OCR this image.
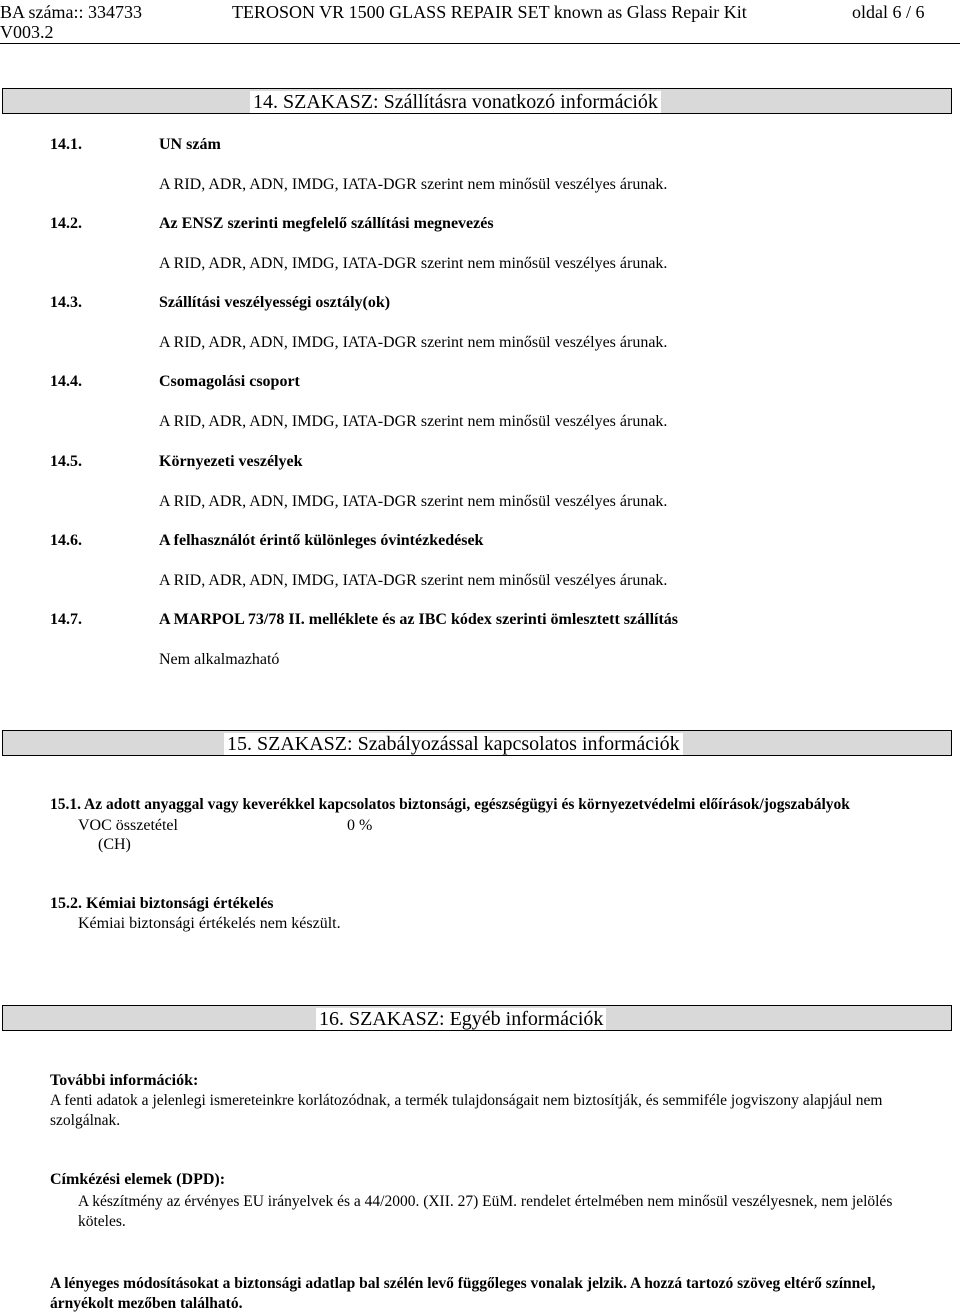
BA száma:: 334733
V003.2
TEROSON VR 1500 GLASS REPAIR SET known as Glass Repair Kit	oldal 6 / 6
14. SZAKASZ: Szállításra vonatkozó információk
14.1.	UN szám
A RID, ADR, ADN, IMDG, IATA-DGR szerint nem minősül veszélyes árunak.
14.2.	Az ENSZ szerinti megfelelő szállítási megnevezés
A RID, ADR, ADN, IMDG, IATA-DGR szerint nem minősül veszélyes árunak.
14.3.	Szállítási veszélyességi osztály(ok)
A RID, ADR, ADN, IMDG, IATA-DGR szerint nem minősül veszélyes árunak.
14.4.	Csomagolási csoport
A RID, ADR, ADN, IMDG, IATA-DGR szerint nem minősül veszélyes árunak.
14.5.	Környezeti veszélyek
A RID, ADR, ADN, IMDG, IATA-DGR szerint nem minősül veszélyes árunak.
14.6.	A felhasználót érintő különleges óvintézkedések
A RID, ADR, ADN, IMDG, IATA-DGR szerint nem minősül veszélyes árunak.
14.7.	A MARPOL 73/78 II. melléklete és az IBC kódex szerinti ömlesztett szállítás
Nem alkalmazható
15. SZAKASZ: Szabályozással kapcsolatos információk
15.1. Az adott anyaggal vagy keverékkel kapcsolatos biztonsági, egészségügyi és környezetvédelmi előírások/jogszabályok
VOC összetétel	0 %
(CH)
15.2. Kémiai biztonsági értékelés
Kémiai biztonsági értékelés nem készült.
16. SZAKASZ: Egyéb információk
További információk:
A fenti adatok a jelenlegi ismereteinkre korlátozódnak, a termék tulajdonságait nem biztosítják, és semmiféle jogviszony alapjául nem szolgálnak.
Címkézési elemek (DPD):
A készítmény az érvényes EU irányelvek és a 44/2000. (XII. 27) EüM. rendelet értelmében nem minősül veszélyesnek, nem jelölés köteles.
A lényeges módosításokat a biztonsági adatlap bal szélén levő függőleges vonalak jelzik. A hozzá tartozó szöveg eltérő színnel, árnyékolt mezőben található.
